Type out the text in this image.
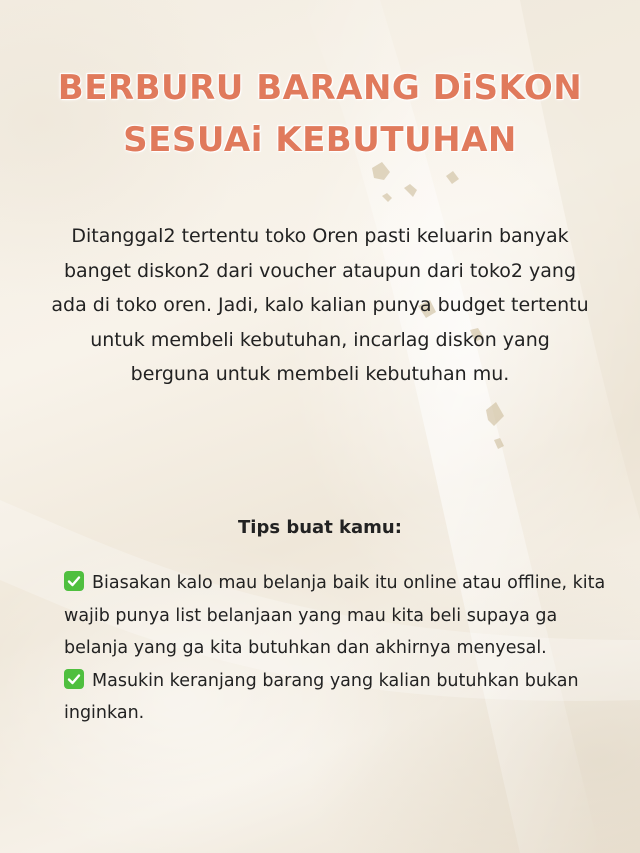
BERBURU BARANG DiSKON SESUAi KEBUTUHAN

Ditanggal2 tertentu toko Oren pasti keluarin banyak banget diskon2 dari voucher ataupun dari toko2 yang ada di toko oren. Jadi, kalo kalian punya budget tertentu untuk membeli kebutuhan, incarlag diskon yang berguna untuk membeli kebutuhan mu.

Tips buat kamu:
Biasakan kalo mau belanja baik itu online atau offline, kita wajib punya list belanjaan yang mau kita beli supaya ga belanja yang ga kita butuhkan dan akhirnya menyesal.
Masukin keranjang barang yang kalian butuhkan bukan inginkan.
